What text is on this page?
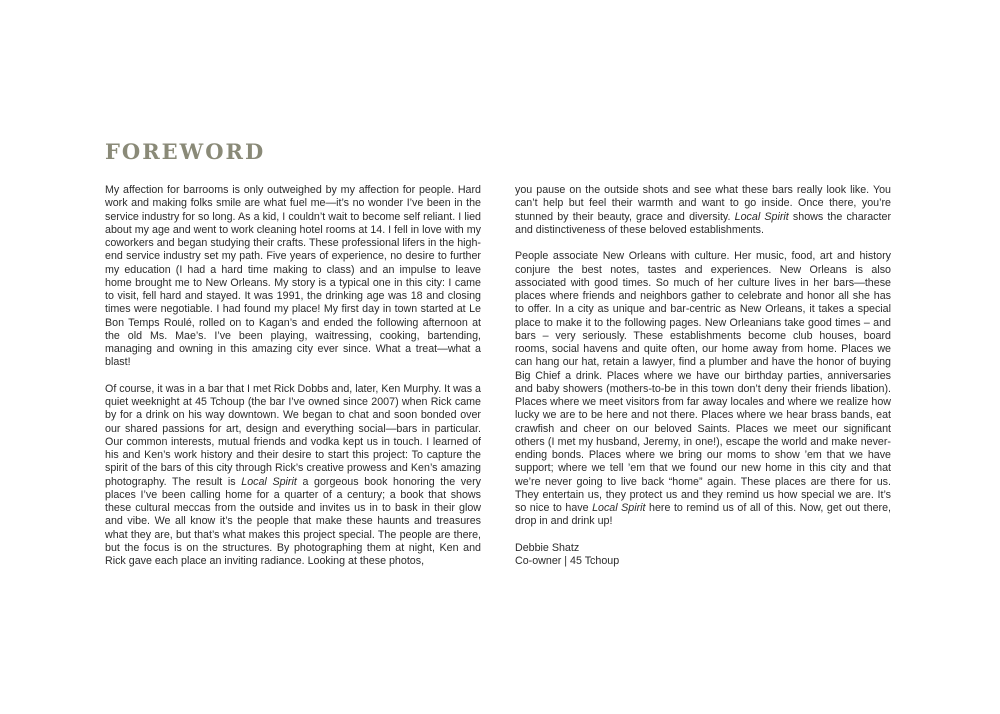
FOREWORD

My affection for barrooms is only outweighed by my affection for people. Hard work and making folks smile are what fuel me—it’s no wonder I’ve been in the service industry for so long. As a kid, I couldn’t wait to become self reliant. I lied about my age and went to work cleaning hotel rooms at 14. I fell in love with my coworkers and began studying their crafts. These professional lifers in the high-end service industry set my path. Five years of experience, no desire to further my education (I had a hard time making to class) and an impulse to leave home brought me to New Orleans. My story is a typical one in this city: I came to visit, fell hard and stayed. It was 1991, the drinking age was 18 and closing times were negotiable. I had found my place! My first day in town started at Le Bon Temps Roulé, rolled on to Kagan’s and ended the following afternoon at the old Ms. Mae’s. I’ve been playing, waitressing, cooking, bartending, managing and owning in this amazing city ever since. What a treat—what a blast!

Of course, it was in a bar that I met Rick Dobbs and, later, Ken Murphy. It was a quiet weeknight at 45 Tchoup (the bar I’ve owned since 2007) when Rick came by for a drink on his way downtown. We began to chat and soon bonded over our shared passions for art, design and everything social—bars in particular. Our common interests, mutual friends and vodka kept us in touch. I learned of his and Ken’s work history and their desire to start this project: To capture the spirit of the bars of this city through Rick’s creative prowess and Ken’s amazing photography. The result is Local Spirit a gorgeous book honoring the very places I’ve been calling home for a quarter of a century; a book that shows these cultural meccas from the outside and invites us in to bask in their glow and vibe. We all know it’s the people that make these haunts and treasures what they are, but that’s what makes this project special. The people are there, but the focus is on the structures. By photographing them at night, Ken and Rick gave each place an inviting radiance. Looking at these photos,

you pause on the outside shots and see what these bars really look like. You can’t help but feel their warmth and want to go inside. Once there, you’re stunned by their beauty, grace and diversity. Local Spirit shows the character and distinctiveness of these beloved establishments.

People associate New Orleans with culture. Her music, food, art and history conjure the best notes, tastes and experiences. New Orleans is also associated with good times. So much of her culture lives in her bars—these places where friends and neighbors gather to celebrate and honor all she has to offer. In a city as unique and bar-centric as New Orleans, it takes a special place to make it to the following pages. New Orleanians take good times – and bars – very seriously. These establishments become club houses, board rooms, social havens and quite often, our home away from home. Places we can hang our hat, retain a lawyer, find a plumber and have the honor of buying Big Chief a drink. Places where we have our birthday parties, anniversaries and baby showers (mothers-to-be in this town don’t deny their friends libation). Places where we meet visitors from far away locales and where we realize how lucky we are to be here and not there. Places where we hear brass bands, eat crawfish and cheer on our beloved Saints. Places we meet our significant others (I met my husband, Jeremy, in one!), escape the world and make never-ending bonds. Places where we bring our moms to show ’em that we have support; where we tell ’em that we found our new home in this city and that we’re never going to live back “home” again. These places are there for us. They entertain us, they protect us and they remind us how special we are. It’s so nice to have Local Spirit here to remind us of all of this. Now, get out there, drop in and drink up!

Debbie Shatz
Co-owner | 45 Tchoup
